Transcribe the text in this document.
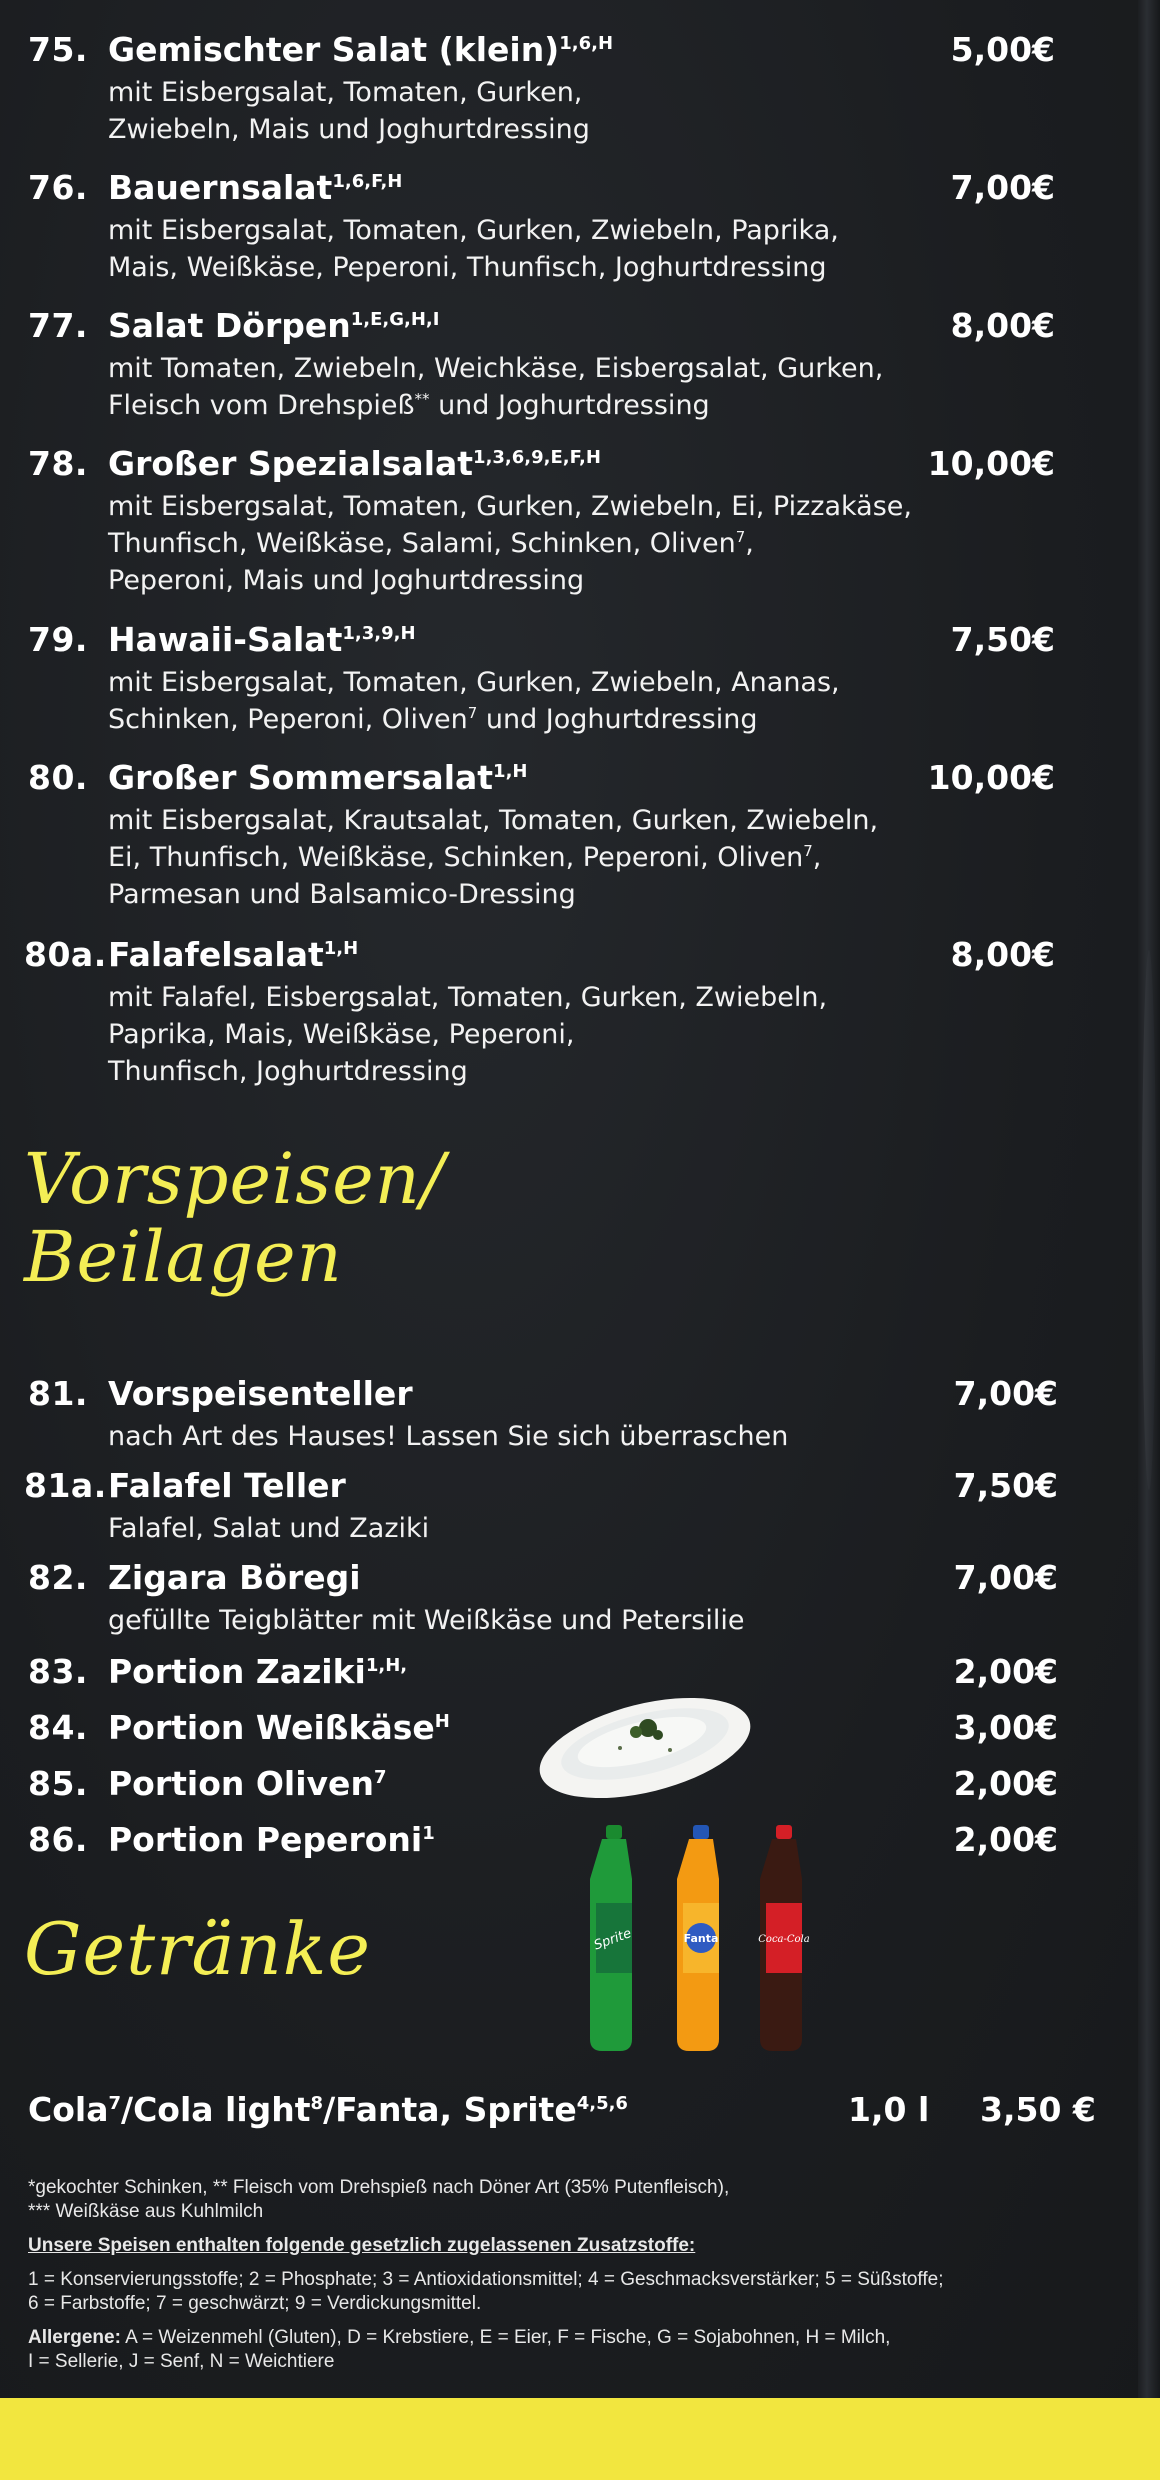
75. Gemischter Salat (klein)$^{1,6,H}$	5,00€
mit Eisbergsalat, Tomaten, Gurken,
Zwiebeln, Mais und Joghurtdressing
76. Bauernsalat$^{1,6,F,H}$	7,00€
mit Eisbergsalat, Tomaten, Gurken, Zwiebeln, Paprika,
Mais, Weißkäse, Peperoni, Thunfisch, Joghurtdressing
77. Salat Dörpen$^{1,E,G,H,I}$	8,00€
mit Tomaten, Zwiebeln, Weichkäse, Eisbergsalat, Gurken,
Fleisch vom Drehspieß** und Joghurtdressing
78. Großer Spezialsalat$^{1,3,6,9,E,F,H}$	10,00€
mit Eisbergsalat, Tomaten, Gurken, Zwiebeln, Ei, Pizzakäse,
Thunfisch, Weißkäse, Salami, Schinken, Oliven$^7$,
Peperoni, Mais und Joghurtdressing
79. Hawaii-Salat$^{1,3,9,H}$	7,50€
mit Eisbergsalat, Tomaten, Gurken, Zwiebeln, Ananas,
Schinken, Peperoni, Oliven$^7$ und Joghurtdressing
80. Großer Sommersalat$^{1,H}$	10,00€
mit Eisbergsalat, Krautsalat, Tomaten, Gurken, Zwiebeln,
Ei, Thunfisch, Weißkäse, Schinken, Peperoni, Oliven$^7$,
Parmesan und Balsamico-Dressing
80a. Falafelsalat$^{1,H}$	8,00€
mit Falafel, Eisbergsalat, Tomaten, Gurken, Zwiebeln,
Paprika, Mais, Weißkäse, Peperoni,
Thunfisch, Joghurtdressing
Vorspeisen/
Beilagen
81. Vorspeisenteller	7,00€
nach Art des Hauses! Lassen Sie sich überraschen
81a. Falafel Teller	7,50€
Falafel, Salat und Zaziki
82. Zigara Böregi	7,00€
gefüllte Teigblätter mit Weißkäse und Petersilie
83. Portion Zaziki$^{1,H,}$	2,00€
84. Portion Weißkäse$^H$	3,00€
85. Portion Oliven$^7$	2,00€
86. Portion Peperoni$^1$	2,00€
Getränke	Sprite	Fanta	Coca-Cola
Cola$^7$/Cola light$^8$/Fanta, Sprite$^{4,5,6}$	1,0 l 3,50 €
*gekochter Schinken, ** Fleisch vom Drehspieß nach Döner Art (35% Putenfleisch),
*** Weißkäse aus Kuhlmilch
Unsere Speisen enthalten folgende gesetzlich zugelassenen Zusatzstoffe:
1 = Konservierungsstoffe; 2 = Phosphate; 3 = Antioxidationsmittel; 4 = Geschmacksverstärker; 5 = Süßstoffe;
6 = Farbstoffe; 7 = geschwärzt; 9 = Verdickungsmittel.
Allergene: A = Weizenmehl (Gluten), D = Krebstiere, E = Eier, F = Fische, G = Sojabohnen, H = Milch,
I = Sellerie, J = Senf, N = Weichtiere
